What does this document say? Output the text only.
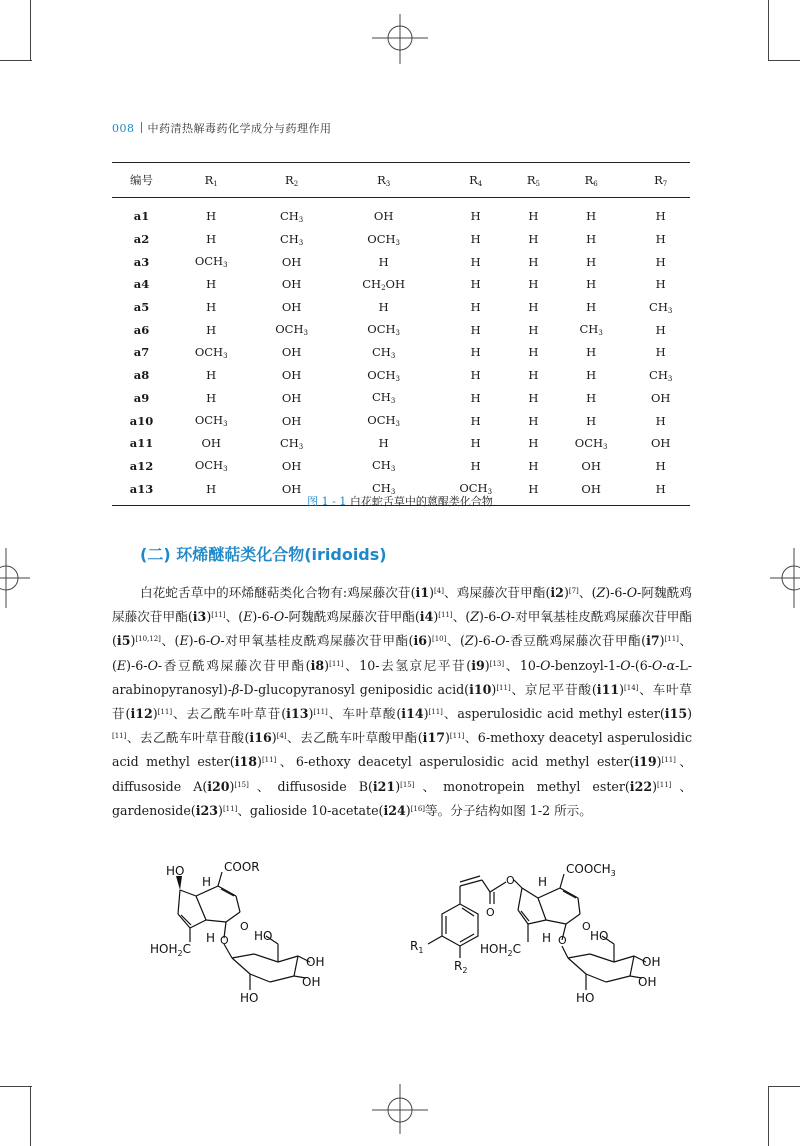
008 中药清热解毒药化学成分与药理作用
编号	$R_1$	$R_2$	$R_3$	$R_4$	$R_5$	$R_6$	$R_7$
a1	H	$CH_3$	OH	H	H	H	H
a2	H	$CH_3$	$OCH_3$	H	H	H	H
a3	$OCH_3$	OH	H	H	H	H	H
a4	H	OH	$CH_2OH$	H	H	H	H
a5	H	OH	H	H	H	H	$CH_3$
a6	H	$OCH_3$	$OCH_3$	H	H	$CH_3$	H
a7	$OCH_3$	OH	$CH_3$	H	H	H	H
a8	H	OH	$OCH_3$	H	H	H	$CH_3$
a9	H	OH	$CH_3$	H	H	H	OH
a10	$OCH_3$	OH	$OCH_3$	H	H	H	H
a11	OH	$CH_3$	H	H	H	$OCH_3$	OH
a12	$OCH_3$	OH	$CH_3$	H	H	OH	H
a13	H	OH	$CH_3$	$OCH_3$	H	OH	H
图 1 - 1 白花蛇舌草中的蒽醌类化合物
(二) 环烯醚萜类化合物(iridoids)
白花蛇舌草中的环烯醚萜类化合物有:鸡屎藤次苷(i1)[4]、鸡屎藤次苷甲酯(i2)[7]、(Z)-6-O-阿魏酰鸡屎藤次苷甲酯(i3)[11]、(E)-6-O-阿魏酰鸡屎藤次苷甲酯(i4)[11]、(Z)-6-O-对甲氧基桂皮酰鸡屎藤次苷甲酯(i5)[10,12]、(E)-6-O-对甲氧基桂皮酰鸡屎藤次苷甲酯(i6)[10]、(Z)-6-O-香豆酰鸡屎藤次苷甲酯(i7)[11]、(E)-6-O-香豆酰鸡屎藤次苷甲酯(i8)[11]、10-去氢京尼平苷(i9)[13]、10-O-benzoyl-1-O-(6-O-α-L-arabinopyranosyl)-β-D-glucopyranosyl geniposidic acid(i10)[11]、京尼平苷酸(i11)[14]、车叶草苷(i12)[11]、去乙酰车叶草苷(i13)[11]、车叶草酸(i14)[11]、asperulosidic acid methyl ester(i15)[11]、去乙酰车叶草苷酸(i16)[4]、去乙酰车叶草酸甲酯(i17)[11]、6-methoxy deacetyl asperulosidic acid methyl ester(i18)[11]、6-ethoxy deacetyl asperulosidic acid methyl ester(i19)[11]、diffusoside A(i20)[15]、diffusoside B(i21)[15]、monotropein methyl ester(i22)[11]、gardenoside(i23)[11]、galioside 10-acetate(i24)[16]等。分子结构如图 1-2 所示。
HO
H
COOR
$HOH_2C$
H	HO
OH
OH
HO
O
O	$R_1$
$R_2$
O
O H
$COOCH_3$
$HOH_2C$
H
O
O HO
OH
OH
HO
